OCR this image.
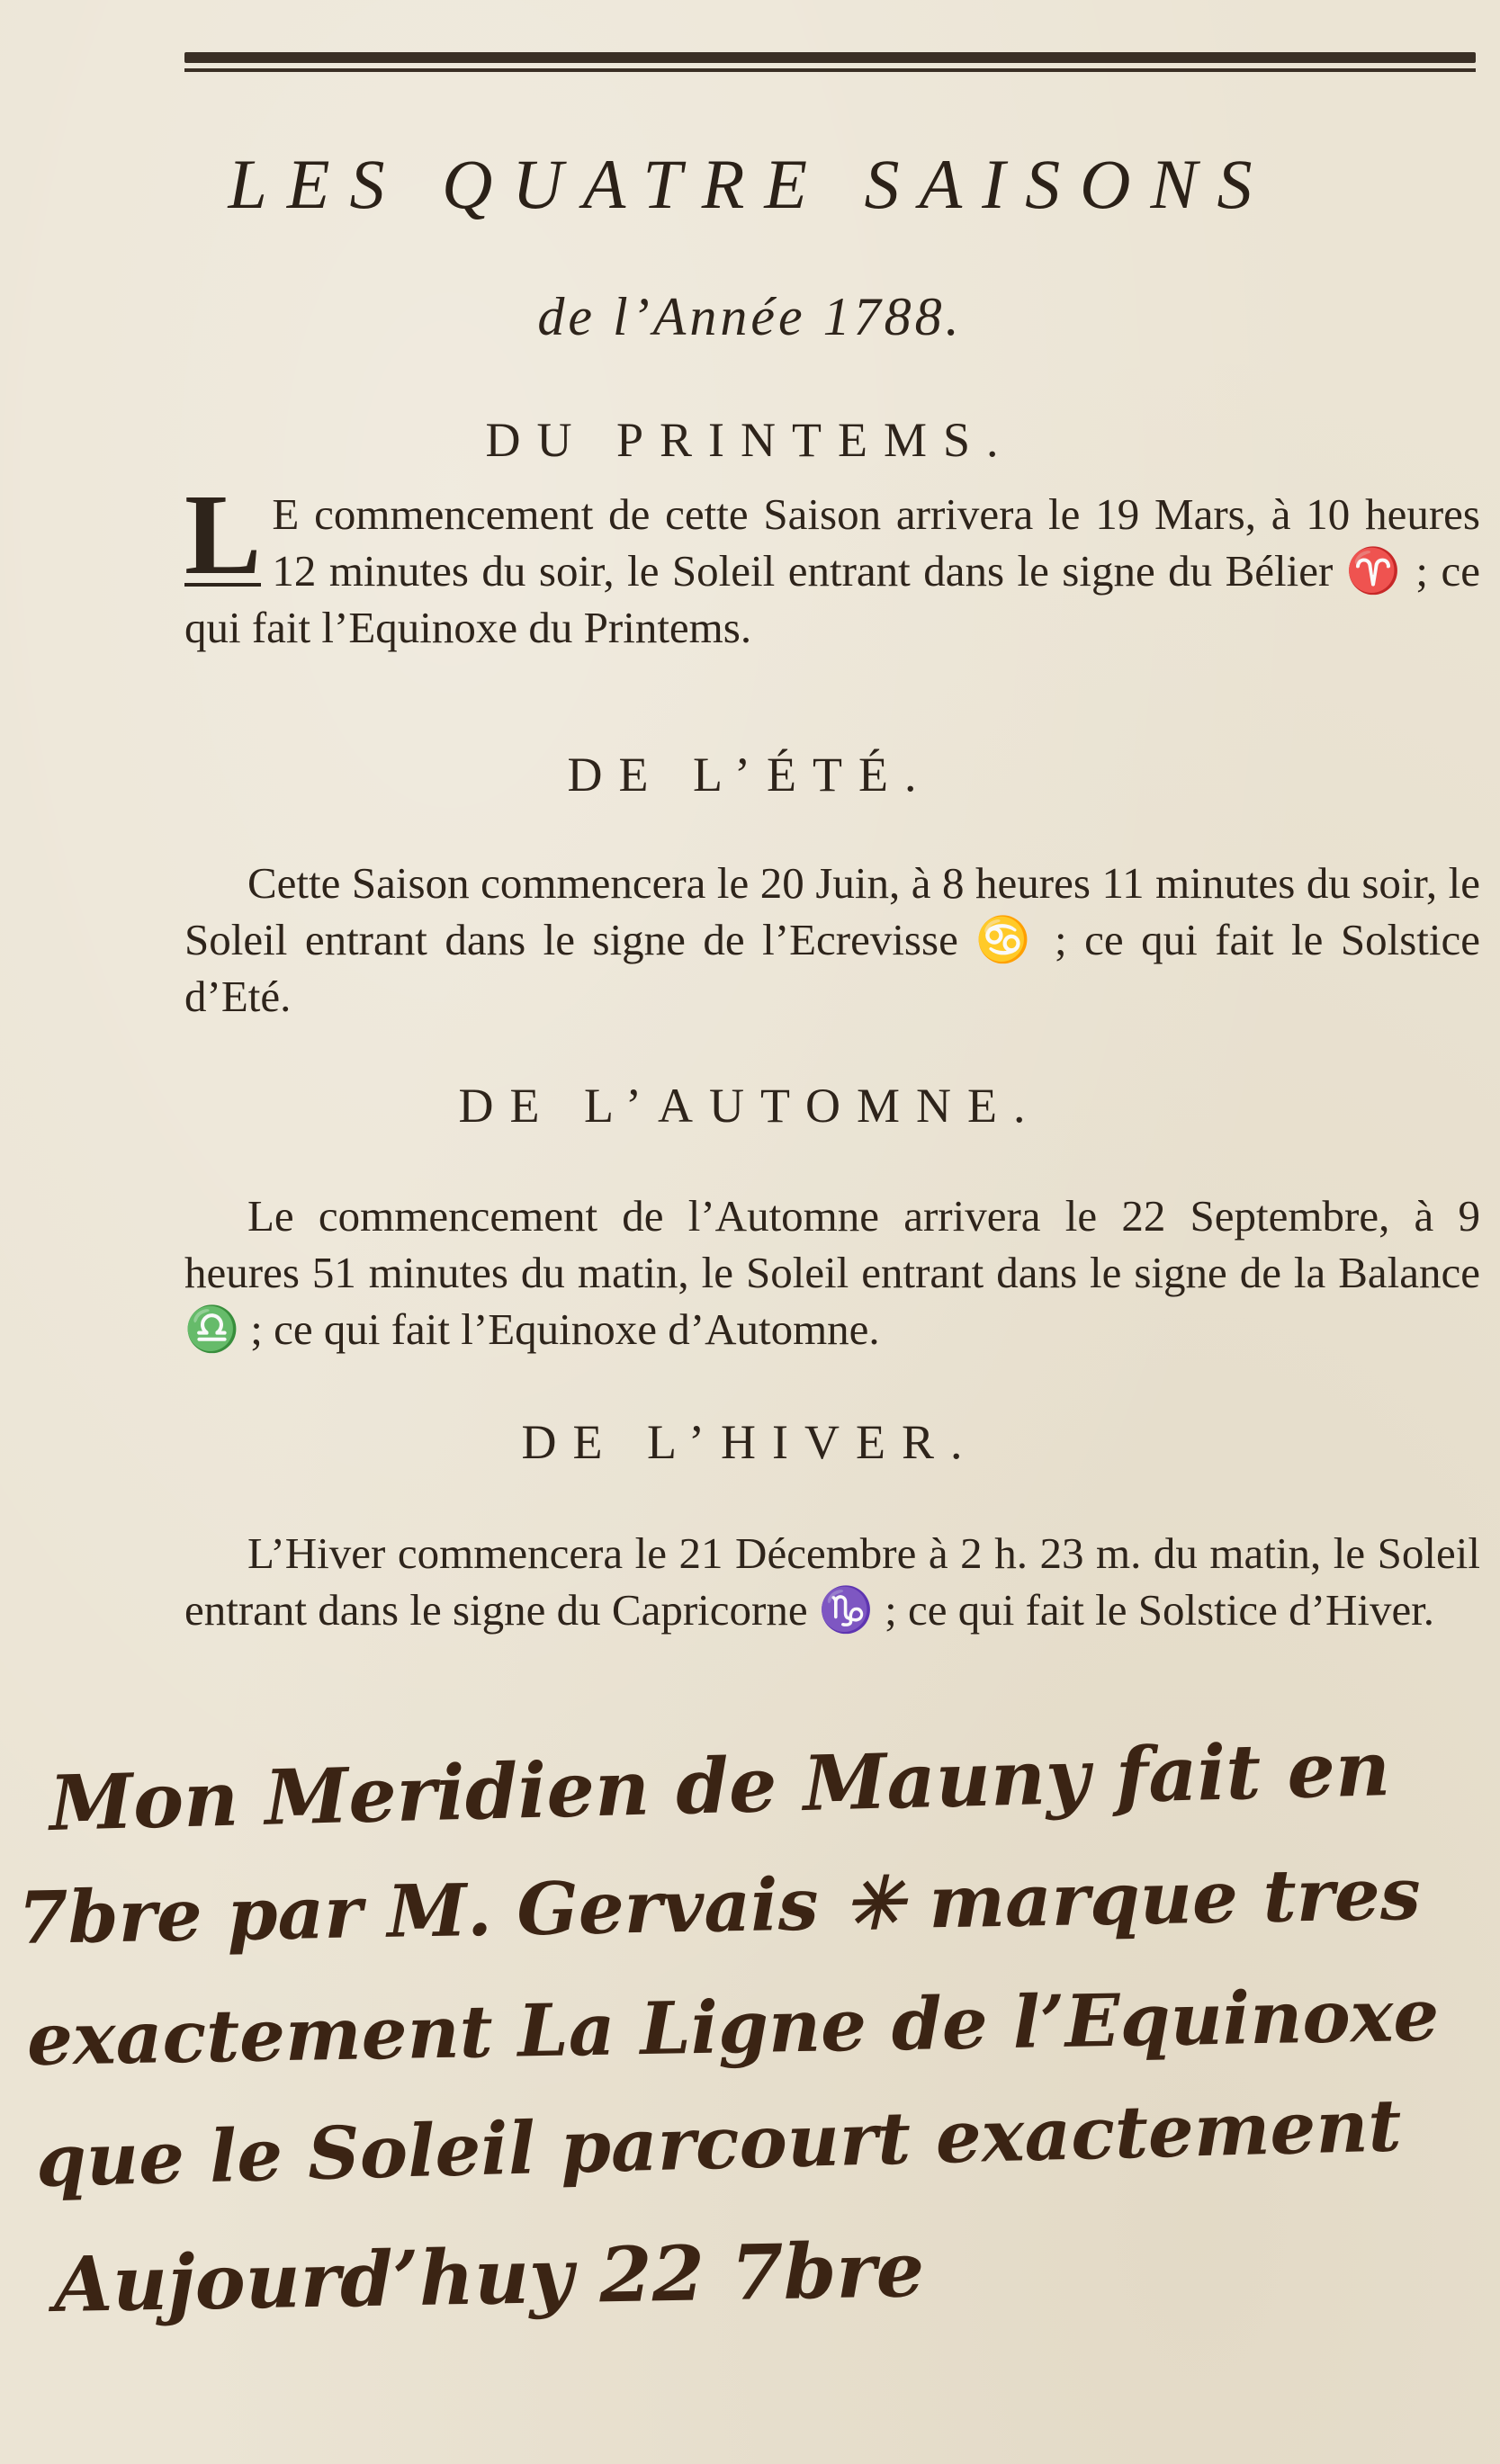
LES QUATRE SAISONS
de l’Année 1788.
DU PRINTEMS.

L E commencement de cette Saison arrivera le 19 Mars, à 10 heures 12 minutes du soir, le Soleil entrant dans le signe du Bélier ♈ ; ce qui fait l’Equinoxe du Printems.

DE L’ÉTÉ.

Cette Saison commencera le 20 Juin, à 8 heures 11 minutes du soir, le Soleil entrant dans le signe de l’Ecrevisse ♋ ; ce qui fait le Solstice d’Eté.

DE L’AUTOMNE.

Le commencement de l’Automne arrivera le 22 Septembre, à 9 heures 51 minutes du matin, le Soleil entrant dans le signe de la Balance ♎ ; ce qui fait l’Equinoxe d’Automne.

DE L’HIVER.

L’Hiver commencera le 21 Décembre à 2 h. 23 m. du matin, le Soleil entrant dans le signe du Capricorne ♑ ; ce qui fait le Solstice d’Hiver.

Mon Meridien de Mauny fait en
7bre par M. Gervais ✳ marque tres
exactement La Ligne de l’Equinoxe
que le Soleil parcourt exactement
Aujourd’huy 22 7bre
